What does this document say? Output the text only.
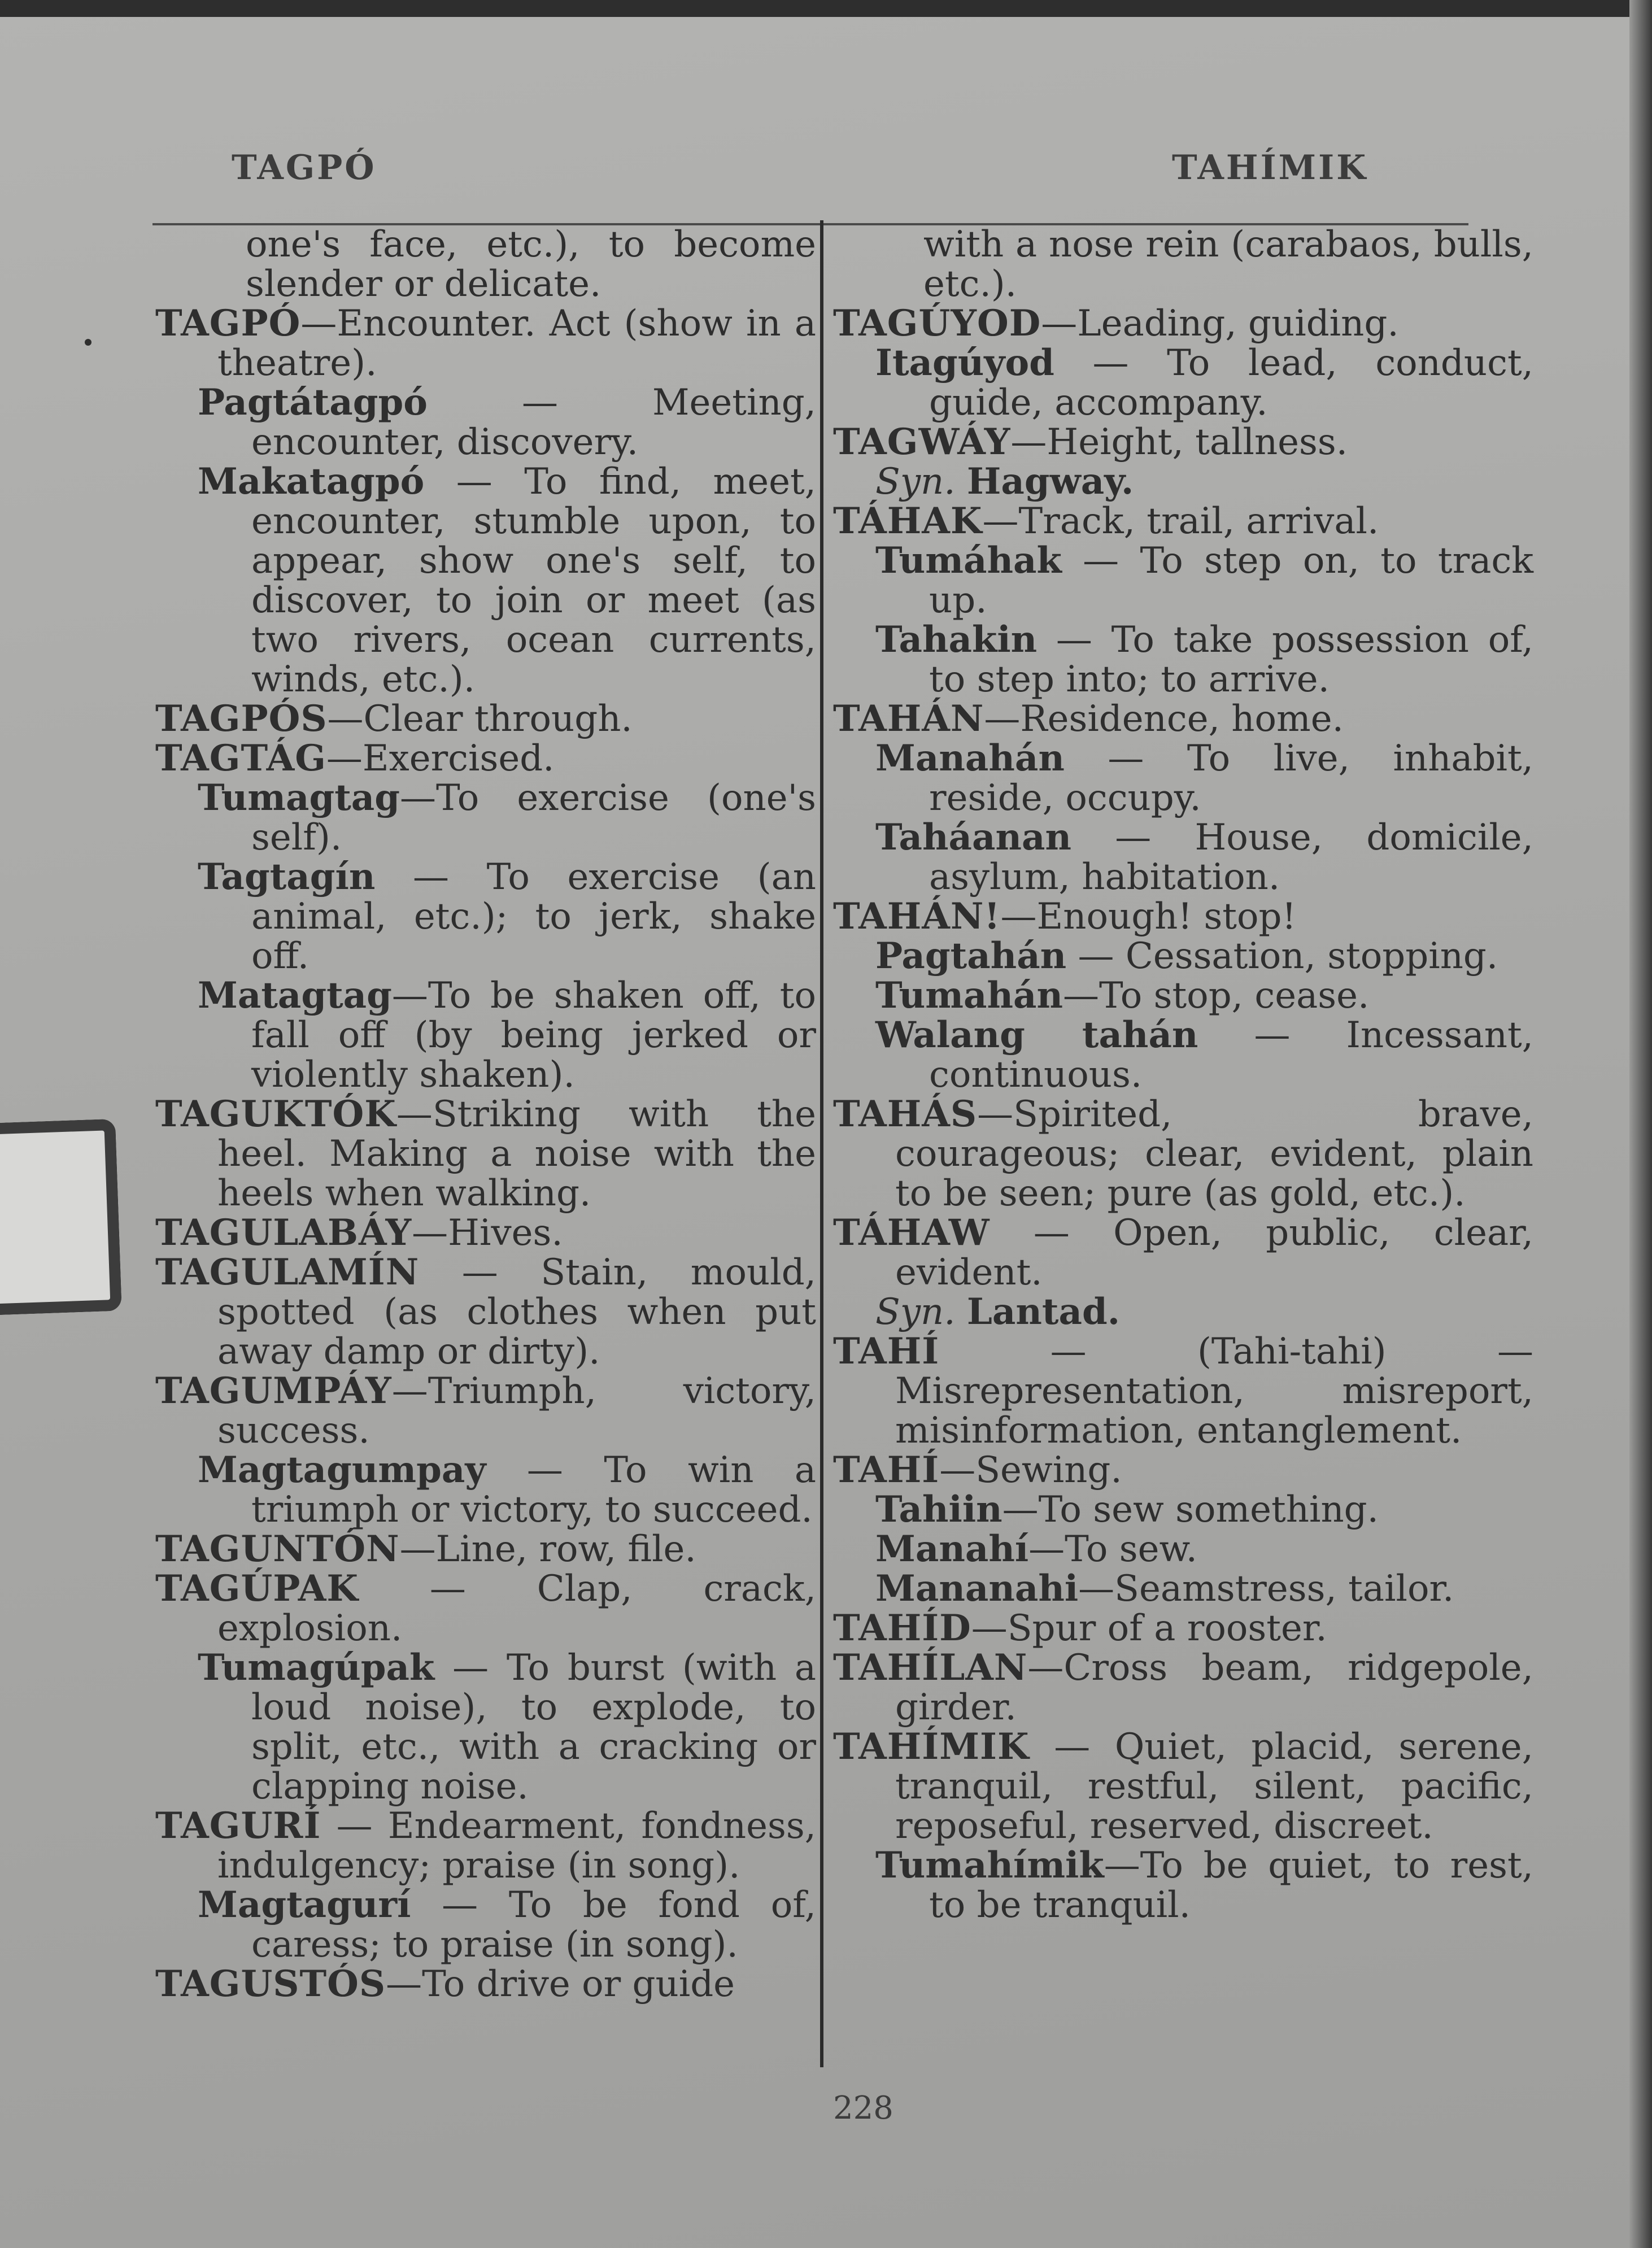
TAGPÓ	TAHÍMIK

one's face, etc.), to become slender or delicate.

TAGPÓ—Encounter. Act (show in a theatre).

Pagtátagpó — Meeting, encounter, discovery.

Makatagpó — To find, meet, encounter, stumble upon, to appear, show one's self, to discover, to join or meet (as two rivers, ocean currents, winds, etc.).

TAGPÓS—Clear through.

TAGTÁG—Exercised.

Tumagtag—To exercise (one's self).

Tagtagín — To exercise (an animal, etc.); to jerk, shake off.

Matagtag—To be shaken off, to fall off (by being jerked or violently shaken).

TAGUKTÓK—Striking with the heel. Making a noise with the heels when walking.

TAGULABÁY—Hives.

TAGULAMÍN — Stain, mould, spotted (as clothes when put away damp or dirty).

TAGUMPÁY—Triumph, victory, success.

Magtagumpay — To win a triumph or victory, to succeed.

TAGUNTÓN—Line, row, file.

TAGÚPAK — Clap, crack, explosion.

Tumagúpak — To burst (with a loud noise), to explode, to split, etc., with a cracking or clapping noise.

TAGURÍ — Endearment, fondness, indulgency; praise (in song).

Magtagurí — To be fond of, caress; to praise (in song).

TAGUSTÓS—To drive or guide

with a nose rein (carabaos, bulls, etc.).

TAGÚYOD—Leading, guiding.

Itagúyod — To lead, conduct, guide, accompany.

TAGWÁY—Height, tallness.

Syn. Hagway.

TÁHAK—Track, trail, arrival.

Tumáhak — To step on, to track up.

Tahakin — To take possession of, to step into; to arrive.

TAHÁN—Residence, home.

Manahán — To live, inhabit, reside, occupy.

Taháanan — House, domicile, asylum, habitation.

TAHÁN!—Enough! stop!

Pagtahán — Cessation, stopping.

Tumahán—To stop, cease.

Walang tahán — Incessant, continuous.

TAHÁS—Spirited, brave, courageous; clear, evident, plain to be seen; pure (as gold, etc.).

TÁHAW — Open, public, clear, evident.

Syn. Lantad.

TAHÍ — (Tahi-tahi) — Misrepresentation, misreport, misinformation, entanglement.

TAHÍ—Sewing.

Tahiin—To sew something.

Manahí—To sew.

Mananahi—Seamstress, tailor.

TAHÍD—Spur of a rooster.

TAHÍLAN—Cross beam, ridgepole, girder.

TAHÍMIK — Quiet, placid, serene, tranquil, restful, silent, pacific, reposeful, reserved, discreet.

Tumahímik—To be quiet, to rest, to be tranquil.

228
